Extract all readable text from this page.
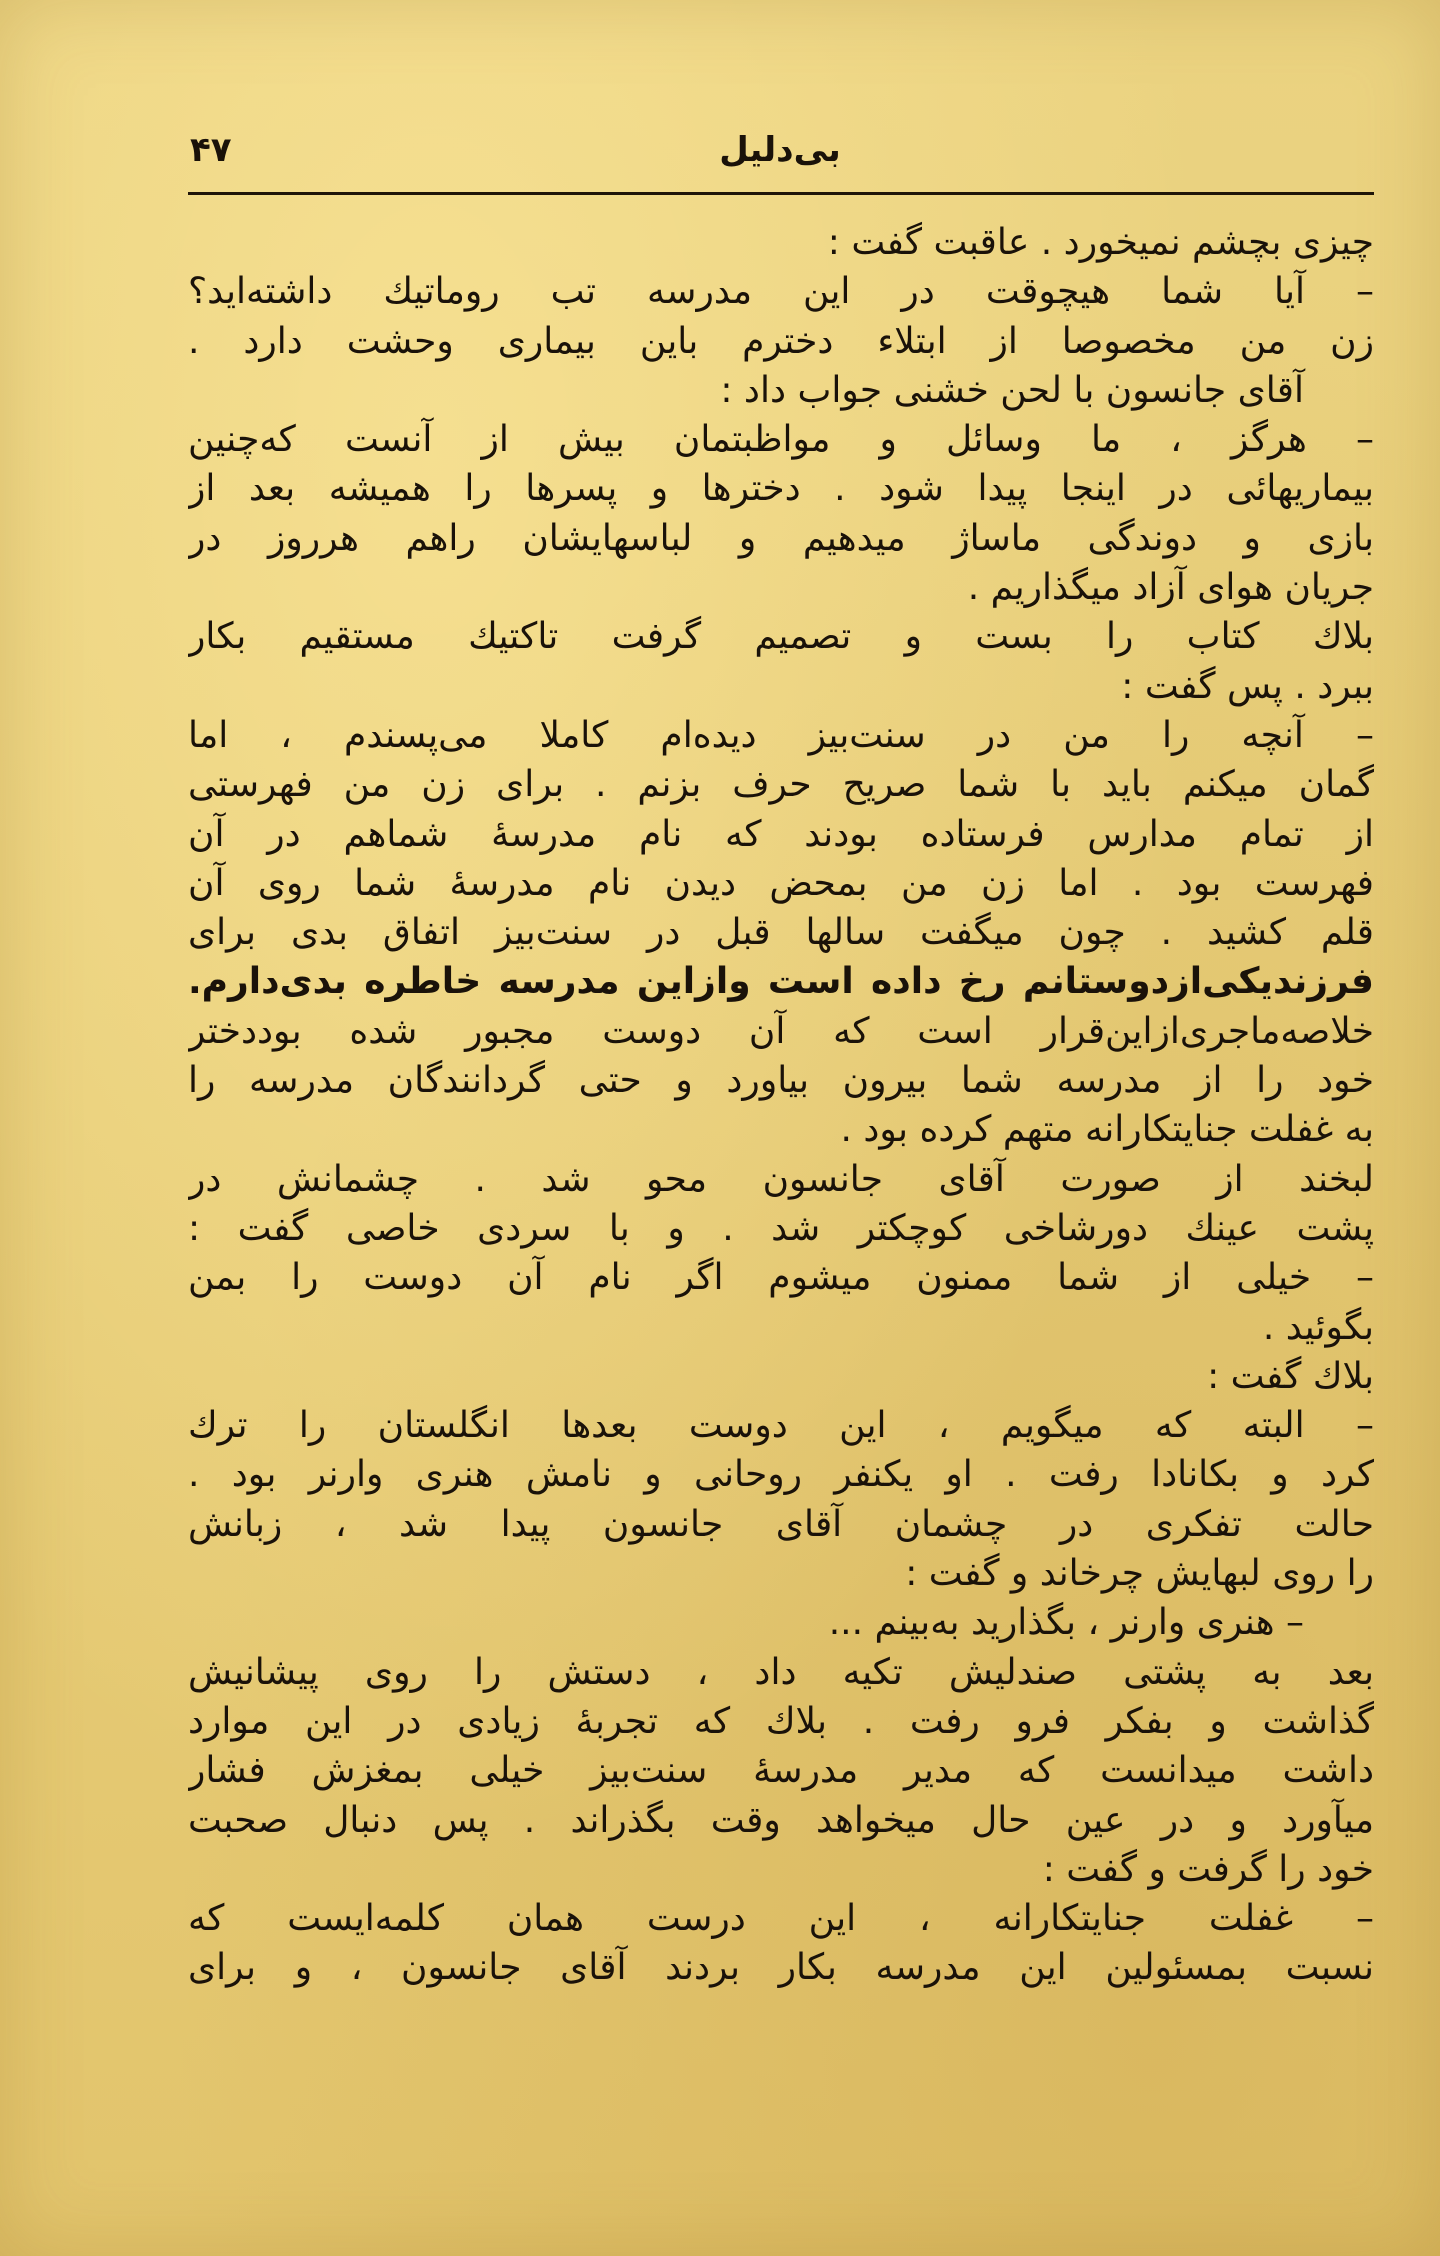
بی‌دلیل
۴۷
چیزی بچشم نمیخورد . عاقبت گفت :
– آیا شما هیچوقت در این مدرسه تب روماتیك داشته‌اید؟
زن من مخصوصا از ابتلاء دخترم باین بیماری وحشت دارد .
آقای جانسون با لحن خشنی جواب داد :
– هرگز ، ما وسائل و مواظبتمان بیش از آنست که‌چنین
بیماریهائی در اینجا پیدا شود . دخترها و پسرها را همیشه بعد از
بازی و دوندگی ماساژ میدهیم و لباسهایشان راهم هرروز در
جریان هوای آزاد میگذاریم .
بلاك کتاب را بست و تصمیم گرفت تاکتیك مستقیم بکار
ببرد . پس گفت :
– آنچه را من در سنت‌بیز دیده‌ام کاملا می‌پسندم ، اما
گمان میکنم باید با شما صریح حرف بزنم . برای زن من فهرستی
از تمام مدارس فرستاده بودند که نام مدرسهٔ شماهم در آن
فهرست بود . اما زن من بمحض دیدن نام مدرسهٔ شما روی آن
قلم کشید . چون میگفت سالها قبل در سنت‌بیز اتفاق بدی برای
فرزندیکی‌ازدوستانم رخ داده است وازاین مدرسه خاطره بدی‌دارم.
خلاصه‌ماجری‌ازاین‌قرار است که آن دوست مجبور شده بوددختر
خود را از مدرسه شما بیرون بیاورد و حتی گردانندگان مدرسه را
به غفلت جنایتکارانه متهم کرده بود .
لبخند از صورت آقای جانسون محو شد . چشمانش در
پشت عینك دورشاخی کوچکتر شد . و با سردی خاصی گفت :
– خیلی از شما ممنون میشوم اگر نام آن دوست را بمن
بگوئید .
بلاك گفت :
– البته که میگویم ، این دوست بعدها انگلستان را ترك
کرد و بکانادا رفت . او یکنفر روحانی و نامش هنری وارنر بود .
حالت تفکری در چشمان آقای جانسون پیدا شد ، زبانش
را روی لبهایش چرخاند و گفت :
– هنری وارنر ، بگذارید به‌بینم ...
بعد به پشتی صندلیش تکیه داد ، دستش را روی پیشانیش
گذاشت و بفکر فرو رفت . بلاك که تجربهٔ زیادی در این موارد
داشت میدانست که مدیر مدرسهٔ سنت‌بیز خیلی بمغزش فشار
میآورد و در عین حال میخواهد وقت بگذراند . پس دنبال صحبت
خود را گرفت و گفت :
– غفلت جنایتکارانه ، این درست همان کلمه‌ایست که
نسبت بمسئولین این مدرسه بکار بردند آقای جانسون ، و برای
